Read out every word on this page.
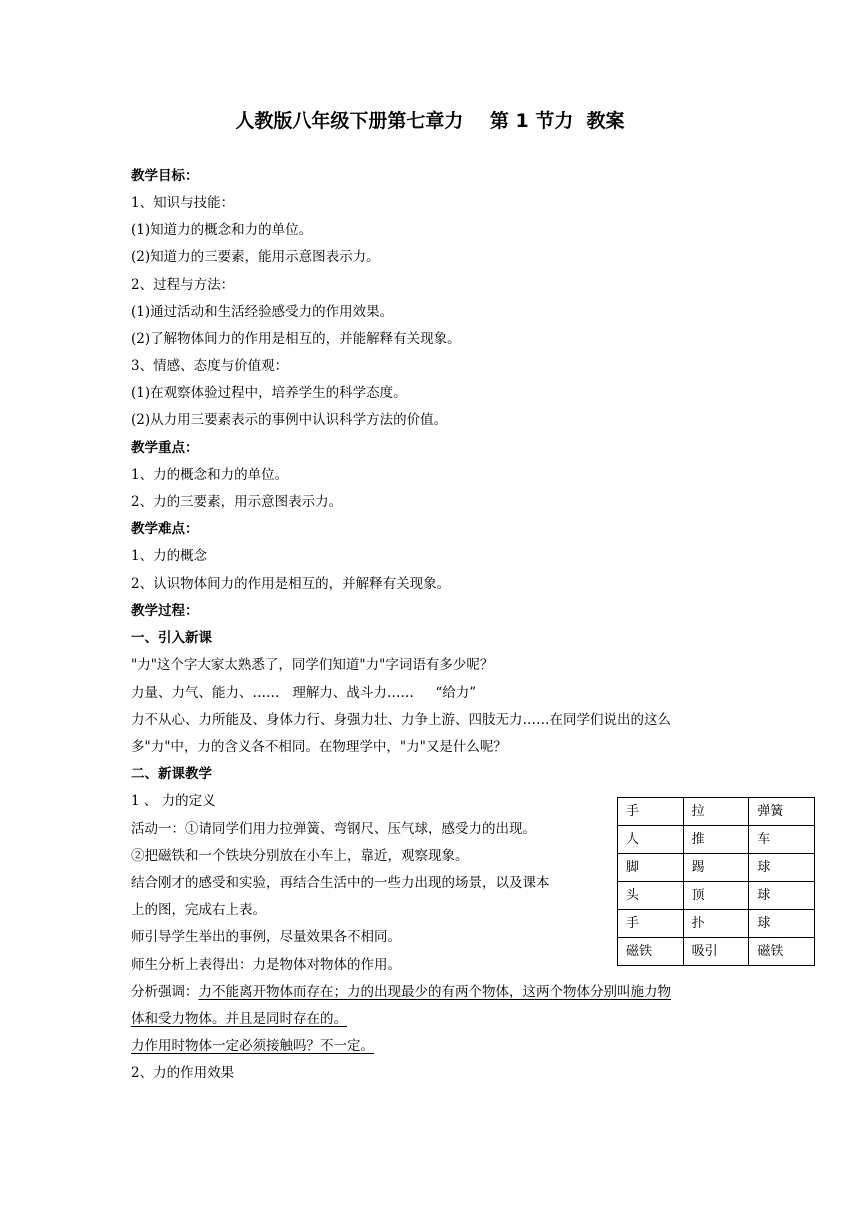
人教版八年级下册第七章力    第 1 节力  教案
教学目标：
1、知识与技能：
(1)知道力的概念和力的单位。
(2)知道力的三要素，能用示意图表示力。
2、过程与方法：
(1)通过活动和生活经验感受力的作用效果。
(2)了解物体间力的作用是相互的，并能解释有关现象。
3、情感、态度与价值观：
(1)在观察体验过程中，培养学生的科学态度。
(2)从力用三要素表示的事例中认识科学方法的价值。
教学重点：
1、力的概念和力的单位。
2、力的三要素，用示意图表示力。
教学难点：
1、力的概念
2、认识物体间力的作用是相互的，并解释有关现象。
教学过程：
一、引入新课
"力"这个字大家太熟悉了，同学们知道"力"字词语有多少呢？
力量、力气、能力、……   理解力、战斗力……     “给力”
力不从心、力所能及、身体力行、身强力壮、力争上游、四肢无力……在同学们说出的这么
多"力"中，力的含义各不相同。在物理学中，"力"又是什么呢？
二、新课教学
1 、 力的定义
活动一：①请同学们用力拉弹簧、弯钢尺、压气球，感受力的出现。
②把磁铁和一个铁块分别放在小车上，靠近，观察现象。
结合刚才的感受和实验，再结合生活中的一些力出现的场景，以及课本
上的图，完成右上表。
师引导学生举出的事例，尽量效果各不相同。
师生分析上表得出：力是物体对物体的作用。
分析强调：力不能离开物体而存在；力的出现最少的有两个物体，这两个物体分别叫施力物
体和受力物体。并且是同时存在的。
力作用时物体一定必须接触吗？不一定。
2、力的作用效果
手	拉	弹簧
人	推	车
脚	踢	球
头	顶	球
手	扑	球
磁铁	吸引	磁铁
